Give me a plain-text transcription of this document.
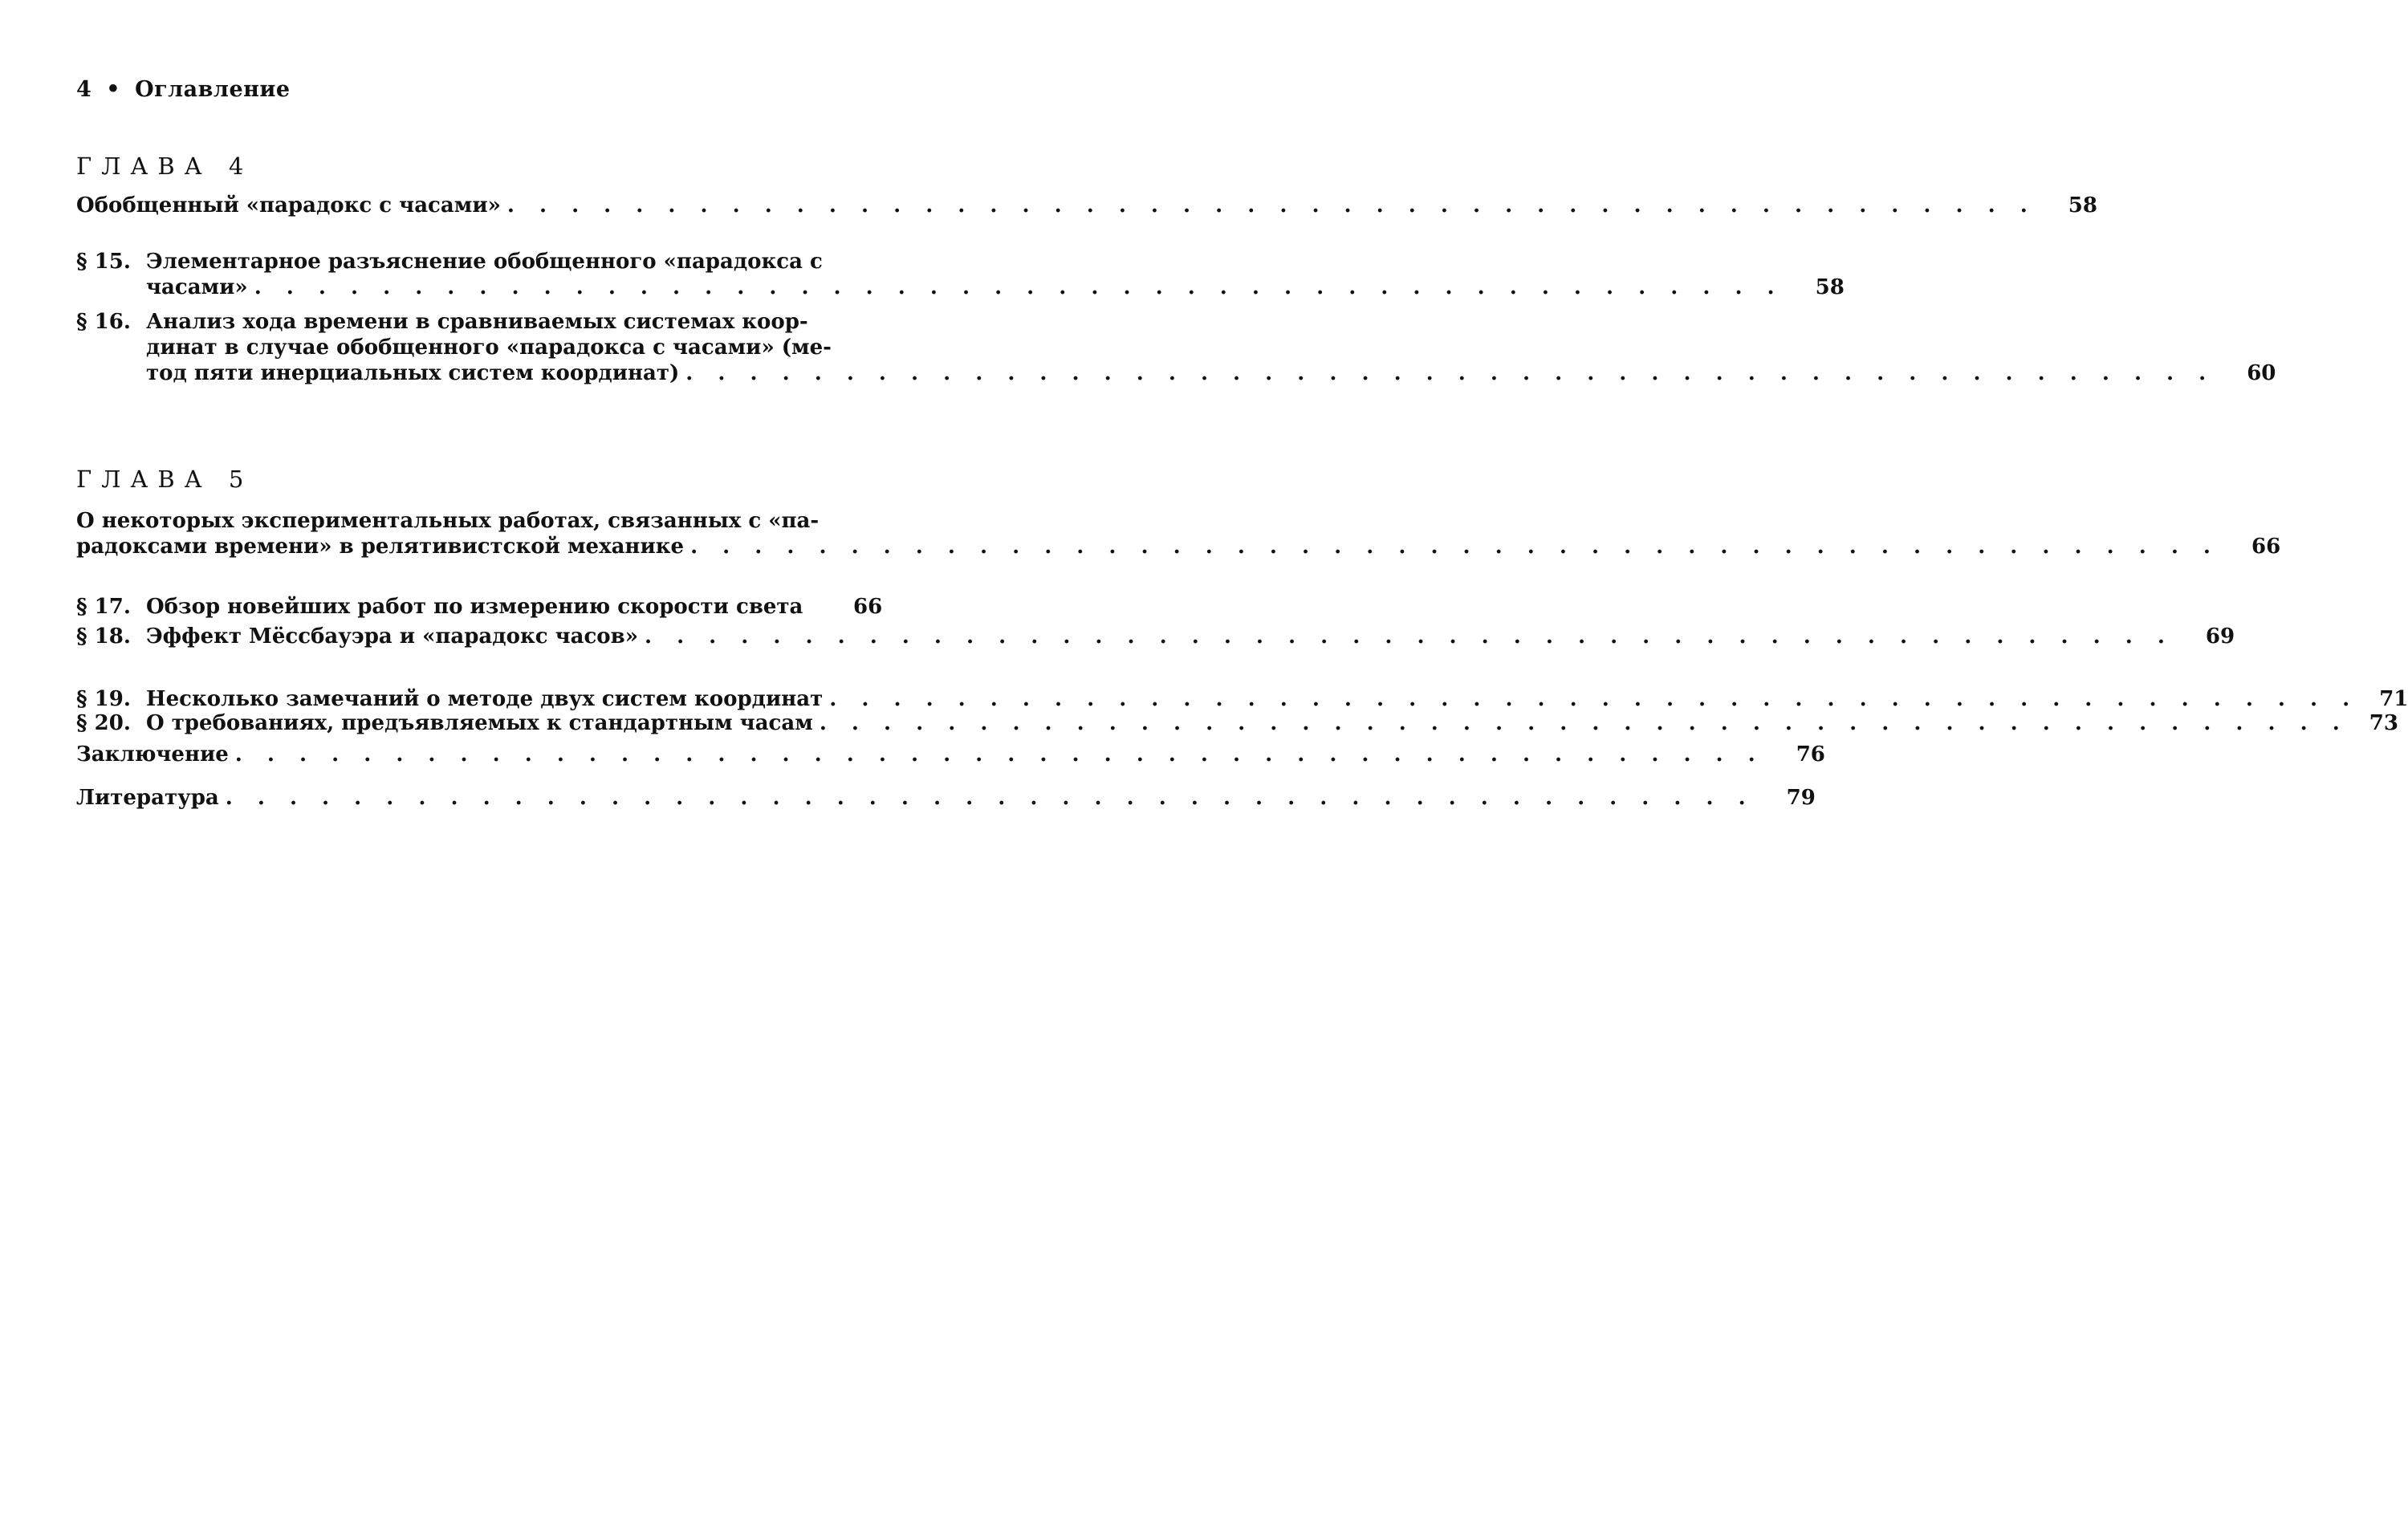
4 • Оглавление
ГЛАВА 4
Обобщенный «парадокс с часами» . . . . . . . . . . . . . . . . . . . . . . . . . . . . . . . . . . . . . . . . . . . . . . . . 58
§ 15. Элементарное разъяснение обобщенного «парадокса с
часами» . . . . . . . . . . . . . . . . . . . . . . . . . . . . . . . . . . . . . . . . . . . . . . . . 58
§ 16. Анализ хода времени в сравниваемых системах коор-
динат в случае обобщенного «парадокса с часами» (ме-
тод пяти инерциальных систем координат) . . . . . . . . . . . . . . . . . . . . . . . . . . . . . . . . . . . . . . . . . . . . . . . . 60
ГЛАВА 5
О некоторых экспериментальных работах, связанных с «па-
радоксами времени» в релятивистской механике . . . . . . . . . . . . . . . . . . . . . . . . . . . . . . . . . . . . . . . . . . . . . . . . 66
§ 17. Обзор новейших работ по измерению скорости света 66
§ 18. Эффект Мёссбауэра и «парадокс часов» . . . . . . . . . . . . . . . . . . . . . . . . . . . . . . . . . . . . . . . . . . . . . . . . 69
§ 19. Несколько замечаний о методе двух систем координат . . . . . . . . . . . . . . . . . . . . . . . . . . . . . . . . . . . . . . . . . . . . . . . . 71
§ 20. О требованиях, предъявляемых к стандартным часам . . . . . . . . . . . . . . . . . . . . . . . . . . . . . . . . . . . . . . . . . . . . . . . . 73
Заключение . . . . . . . . . . . . . . . . . . . . . . . . . . . . . . . . . . . . . . . . . . . . . . . . 76
Литература . . . . . . . . . . . . . . . . . . . . . . . . . . . . . . . . . . . . . . . . . . . . . . . . 79
